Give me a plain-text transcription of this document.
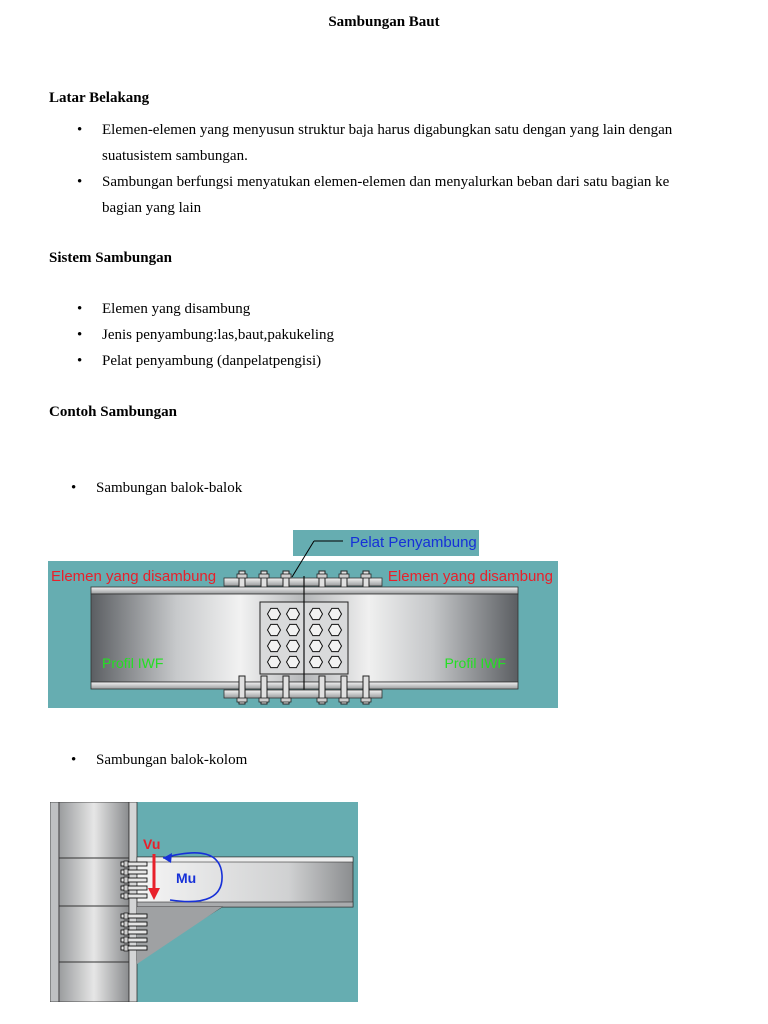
Sambungan Baut
Latar Belakang
• Elemen-elemen yang menyusun struktur baja harus digabungkan satu dengan yang lain dengan suatusistem sambungan.
• Sambungan berfungsi menyatukan elemen-elemen dan menyalurkan beban dari satu bagian ke bagian yang lain
Sistem Sambungan
• Elemen yang disambung
• Jenis penyambung:las,baut,pakukeling
• Pelat penyambung (danpelatpengisi)
Contoh Sambungan
• Sambungan balok-balok
Pelat Penyambung
Elemen yang disambung	Elemen yang disambung
Profil IWF	Profil IWF
• Sambungan balok-kolom
Vu
Mu
